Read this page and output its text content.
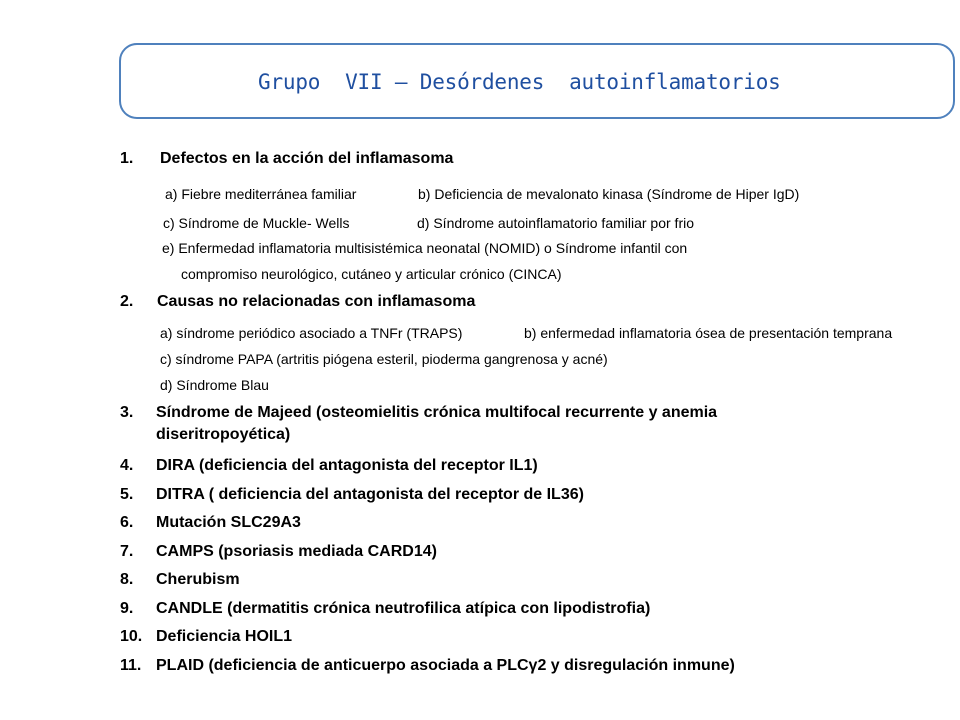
Grupo  VII – Desórdenes  autoinflamatorios
1. Defectos en la acción del inflamasoma
a) Fiebre mediterránea familiar	b) Deficiencia de mevalonato kinasa (Síndrome de Hiper IgD)
c) Síndrome de Muckle- Wells	d) Síndrome autoinflamatorio familiar por frio
e) Enfermedad inflamatoria multisistémica neonatal (NOMID) o Síndrome infantil con
compromiso neurológico, cutáneo y articular crónico (CINCA)
2. Causas no relacionadas con inflamasoma
a) síndrome periódico asociado a TNFr (TRAPS)	b) enfermedad inflamatoria ósea de presentación temprana
c) síndrome PAPA (artritis piógena esteril, pioderma gangrenosa y acné)
d) Síndrome Blau
3. Síndrome de Majeed (osteomielitis crónica multifocal recurrente y anemia
diseritropoyética)
4. DIRA (deficiencia del antagonista del receptor IL1)
5. DITRA ( deficiencia del antagonista del receptor de IL36)
6. Mutación SLC29A3
7. CAMPS (psoriasis mediada CARD14)
8. Cherubism
9. CANDLE (dermatitis crónica neutrofilica atípica con lipodistrofia)
10. Deficiencia HOIL1
11. PLAID (deficiencia de anticuerpo asociada a PLCγ2 y disregulación inmune)
